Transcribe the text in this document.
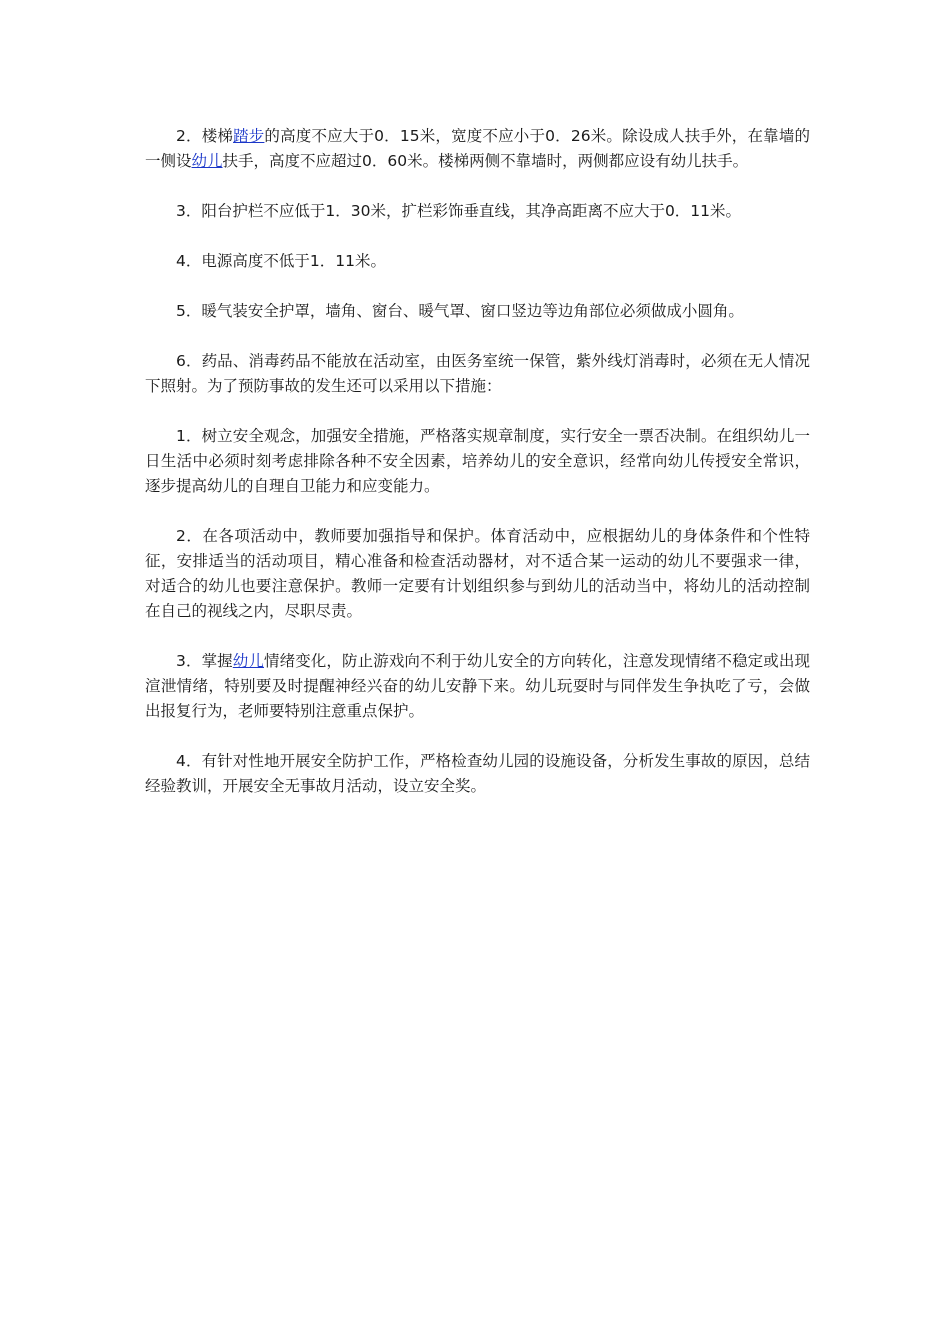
2．楼梯踏步的高度不应大于0．15米，宽度不应小于0．26米。除设成人扶手外，在靠墙的一侧设幼儿扶手，高度不应超过0．60米。楼梯两侧不靠墙时，两侧都应设有幼儿扶手。

3．阳台护栏不应低于1．30米，扩栏彩饰垂直线，其净高距离不应大于0．11米。

4．电源高度不低于1．11米。

5．暖气装安全护罩，墙角、窗台、暖气罩、窗口竖边等边角部位必须做成小圆角。

6．药品、消毒药品不能放在活动室，由医务室统一保管，紫外线灯消毒时，必须在无人情况下照射。为了预防事故的发生还可以采用以下措施：

1．树立安全观念，加强安全措施，严格落实规章制度，实行安全一票否决制。在组织幼儿一日生活中必须时刻考虑排除各种不安全因素，培养幼儿的安全意识，经常向幼儿传授安全常识，逐步提高幼儿的自理自卫能力和应变能力。

2．在各项活动中，教师要加强指导和保护。体育活动中，应根据幼儿的身体条件和个性特征，安排适当的活动项目，精心准备和检查活动器材，对不适合某一运动的幼儿不要强求一律，对适合的幼儿也要注意保护。教师一定要有计划组织参与到幼儿的活动当中，将幼儿的活动控制在自己的视线之内，尽职尽责。

3．掌握幼儿情绪变化，防止游戏向不利于幼儿安全的方向转化，注意发现情绪不稳定或出现渲泄情绪，特别要及时提醒神经兴奋的幼儿安静下来。幼儿玩耍时与同伴发生争执吃了亏，会做出报复行为，老师要特别注意重点保护。

4．有针对性地开展安全防护工作，严格检查幼儿园的设施设备，分析发生事故的原因，总结经验教训，开展安全无事故月活动，设立安全奖。
